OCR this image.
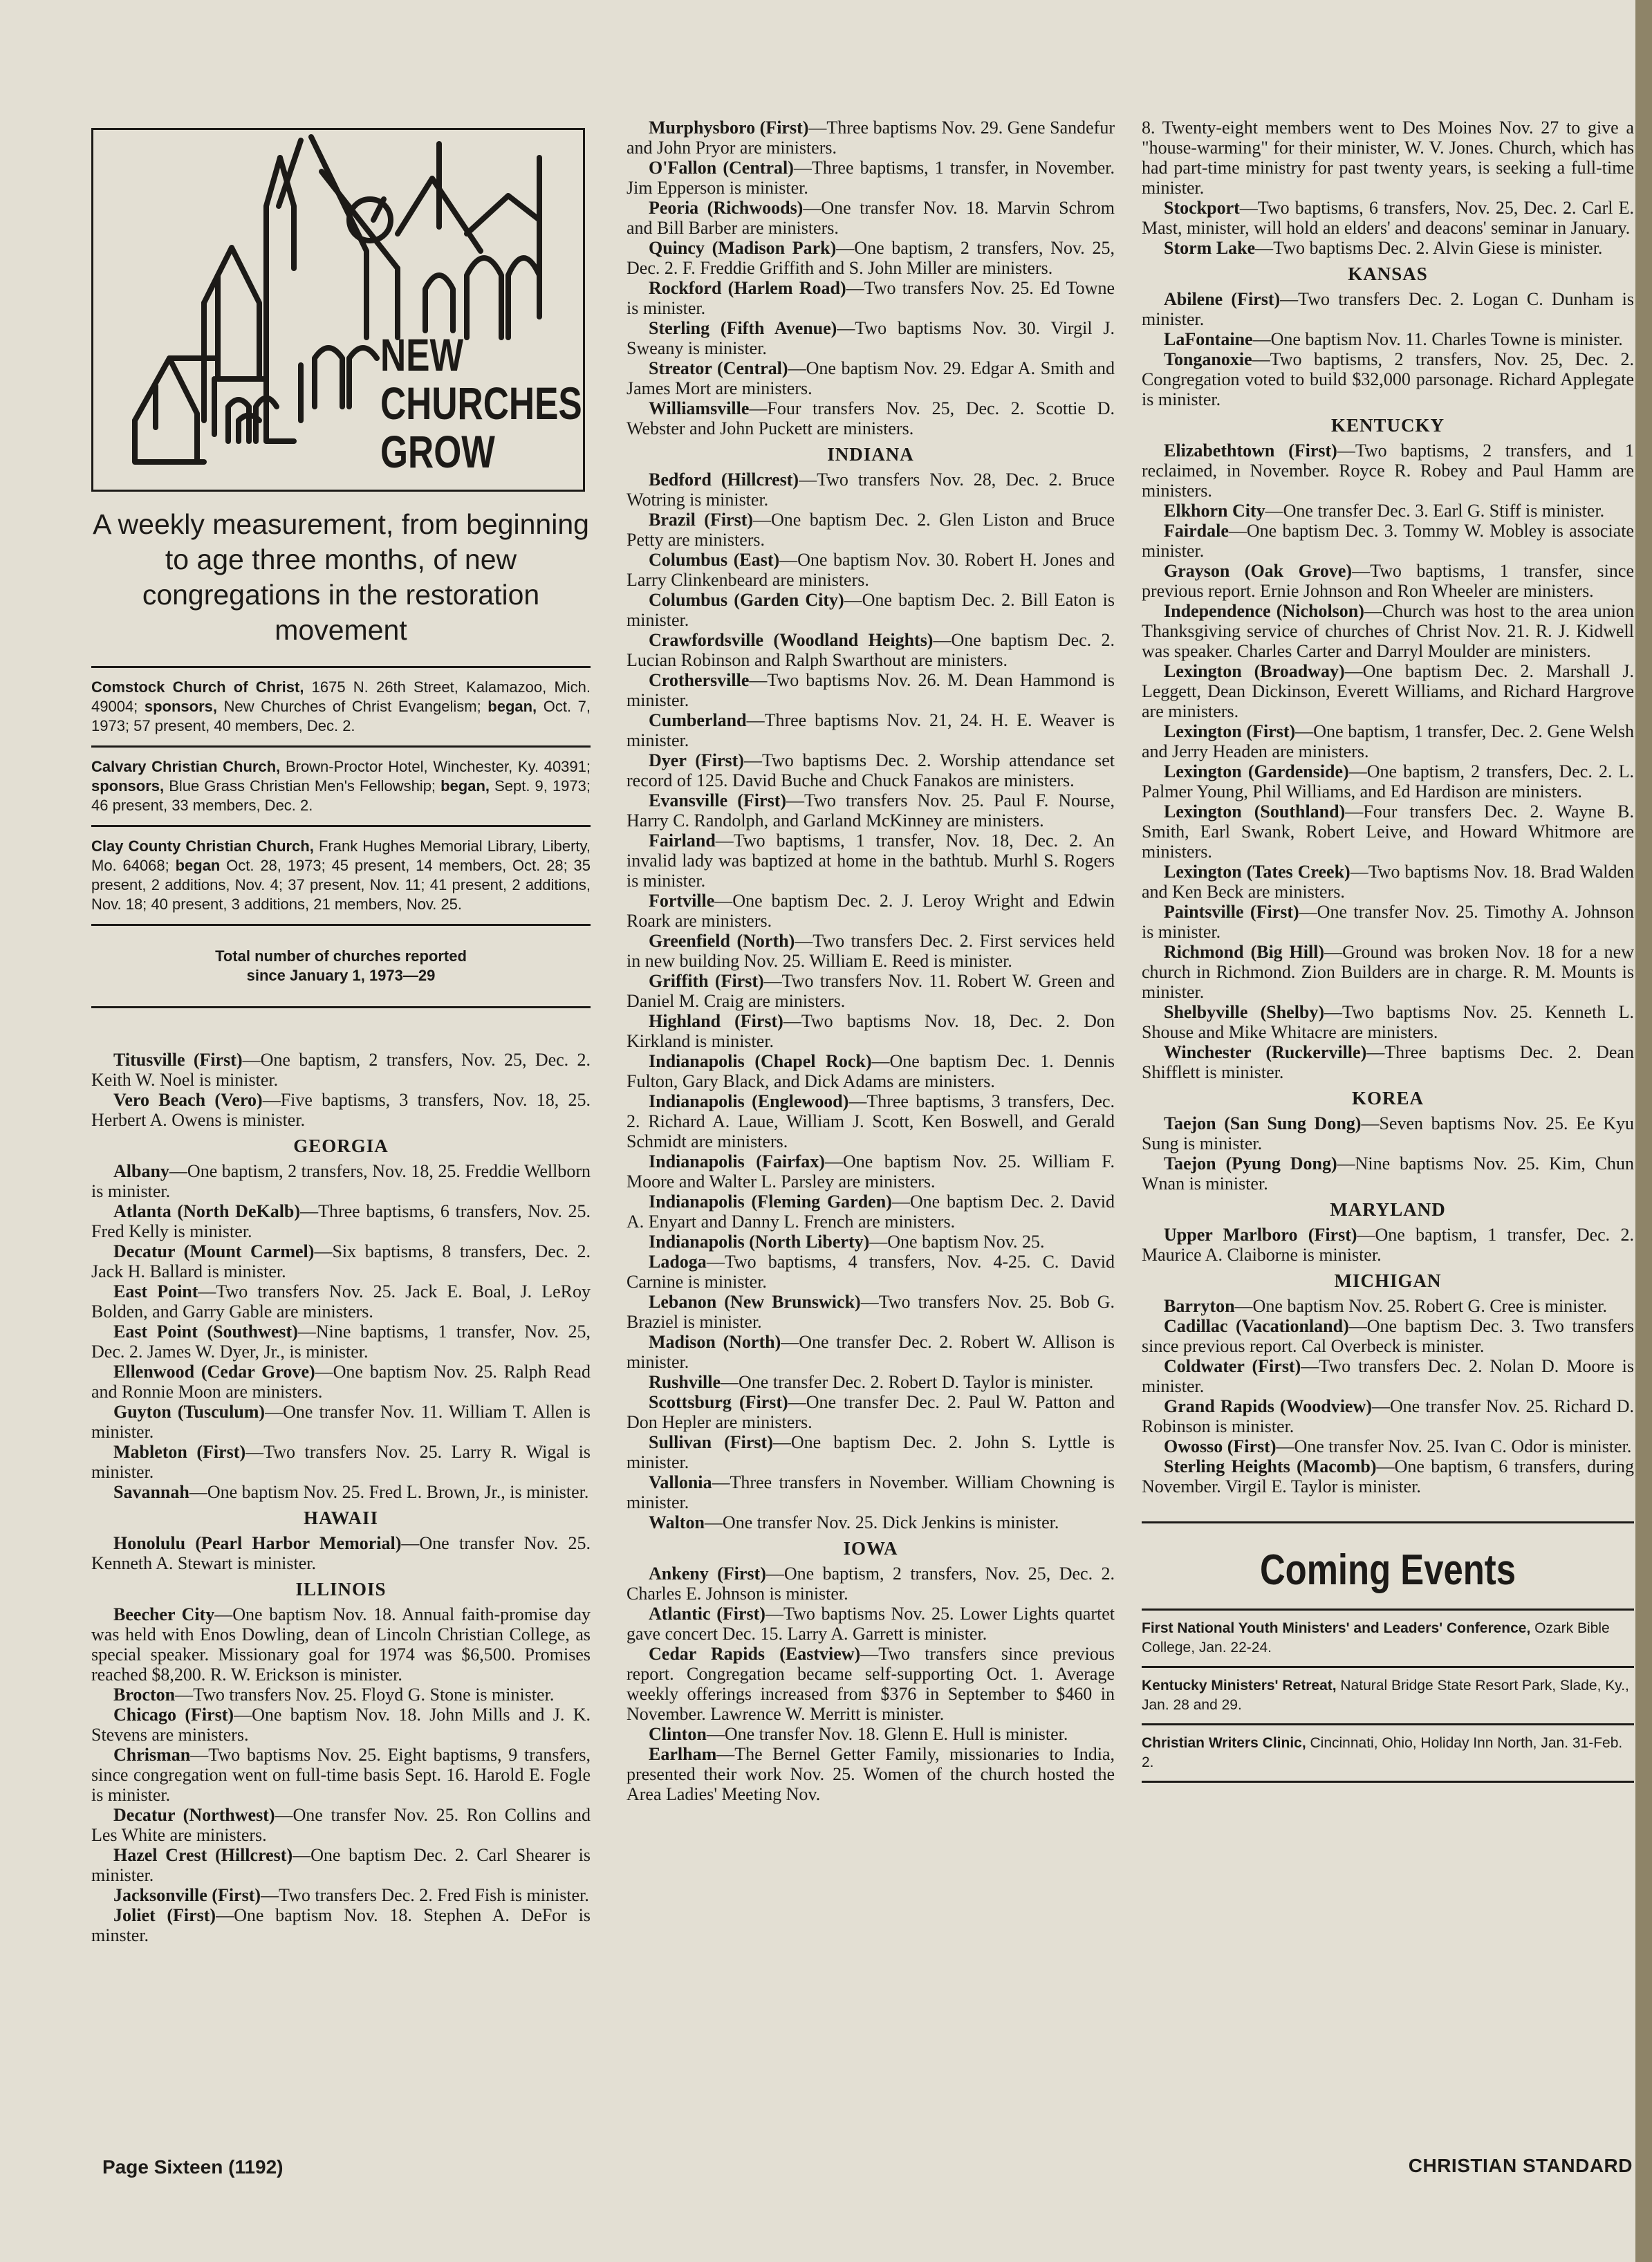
NEW
CHURCHES
GROW
A weekly measurement, from beginning to age three months, of new congregations in the restoration movement
Comstock Church of Christ, 1675 N. 26th Street, Kalamazoo, Mich. 49004; sponsors, New Churches of Christ Evangelism; began, Oct. 7, 1973; 57 present, 40 members, Dec. 2.
Calvary Christian Church, Brown-Proctor Hotel, Winchester, Ky. 40391; sponsors, Blue Grass Christian Men's Fellowship; began, Sept. 9, 1973; 46 present, 33 members, Dec. 2.
Clay County Christian Church, Frank Hughes Memorial Library, Liberty, Mo. 64068; began Oct. 28, 1973; 45 present, 14 members, Oct. 28; 35 present, 2 additions, Nov. 4; 37 present, Nov. 11; 41 present, 2 additions, Nov. 18; 40 present, 3 additions, 21 members, Nov. 25.
Total number of churches reported
since January 1, 1973—29

Titusville (First)—One baptism, 2 transfers, Nov. 25, Dec. 2. Keith W. Noel is minister.

Vero Beach (Vero)—Five baptisms, 3 transfers, Nov. 18, 25. Herbert A. Owens is minister.

GEORGIA

Albany—One baptism, 2 transfers, Nov. 18, 25. Freddie Wellborn is minister.

Atlanta (North DeKalb)—Three baptisms, 6 transfers, Nov. 25. Fred Kelly is minister.

Decatur (Mount Carmel)—Six baptisms, 8 transfers, Dec. 2. Jack H. Ballard is minister.

East Point—Two transfers Nov. 25. Jack E. Boal, J. LeRoy Bolden, and Garry Gable are ministers.

East Point (Southwest)—Nine baptisms, 1 transfer, Nov. 25, Dec. 2. James W. Dyer, Jr., is minister.

Ellenwood (Cedar Grove)—One baptism Nov. 25. Ralph Read and Ronnie Moon are ministers.

Guyton (Tusculum)—One transfer Nov. 11. William T. Allen is minister.

Mableton (First)—Two transfers Nov. 25. Larry R. Wigal is minister.

Savannah—One baptism Nov. 25. Fred L. Brown, Jr., is minister.

HAWAII

Honolulu (Pearl Harbor Memorial)—One transfer Nov. 25. Kenneth A. Stewart is minister.

ILLINOIS

Beecher City—One baptism Nov. 18. Annual faith-promise day was held with Enos Dowling, dean of Lincoln Christian College, as special speaker. Missionary goal for 1974 was $6,500. Promises reached $8,200. R. W. Erickson is minister.

Brocton—Two transfers Nov. 25. Floyd G. Stone is minister.

Chicago (First)—One baptism Nov. 18. John Mills and J. K. Stevens are ministers.

Chrisman—Two baptisms Nov. 25. Eight baptisms, 9 transfers, since congregation went on full-time basis Sept. 16. Harold E. Fogle is minister.

Decatur (Northwest)—One transfer Nov. 25. Ron Collins and Les White are ministers.

Hazel Crest (Hillcrest)—One baptism Dec. 2. Carl Shearer is minister.

Jacksonville (First)—Two transfers Dec. 2. Fred Fish is minister.

Joliet (First)—One baptism Nov. 18. Stephen A. DeFor is minster.

Murphysboro (First)—Three baptisms Nov. 29. Gene Sandefur and John Pryor are ministers.

O'Fallon (Central)—Three baptisms, 1 transfer, in November. Jim Epperson is minister.

Peoria (Richwoods)—One transfer Nov. 18. Marvin Schrom and Bill Barber are ministers.

Quincy (Madison Park)—One baptism, 2 transfers, Nov. 25, Dec. 2. F. Freddie Griffith and S. John Miller are ministers.

Rockford (Harlem Road)—Two transfers Nov. 25. Ed Towne is minister.

Sterling (Fifth Avenue)—Two baptisms Nov. 30. Virgil J. Sweany is minister.

Streator (Central)—One baptism Nov. 29. Edgar A. Smith and James Mort are ministers.

Williamsville—Four transfers Nov. 25, Dec. 2. Scottie D. Webster and John Puckett are ministers.

INDIANA

Bedford (Hillcrest)—Two transfers Nov. 28, Dec. 2. Bruce Wotring is minister.

Brazil (First)—One baptism Dec. 2. Glen Liston and Bruce Petty are ministers.

Columbus (East)—One baptism Nov. 30. Robert H. Jones and Larry Clinkenbeard are ministers.

Columbus (Garden City)—One baptism Dec. 2. Bill Eaton is minister.

Crawfordsville (Woodland Heights)—One baptism Dec. 2. Lucian Robinson and Ralph Swarthout are ministers.

Crothersville—Two baptisms Nov. 26. M. Dean Hammond is minister.

Cumberland—Three baptisms Nov. 21, 24. H. E. Weaver is minister.

Dyer (First)—Two baptisms Dec. 2. Worship attendance set record of 125. David Buche and Chuck Fanakos are ministers.

Evansville (First)—Two transfers Nov. 25. Paul F. Nourse, Harry C. Randolph, and Garland McKinney are ministers.

Fairland—Two baptisms, 1 transfer, Nov. 18, Dec. 2. An invalid lady was baptized at home in the bathtub. Murhl S. Rogers is minister.

Fortville—One baptism Dec. 2. J. Leroy Wright and Edwin Roark are ministers.

Greenfield (North)—Two transfers Dec. 2. First services held in new building Nov. 25. William E. Reed is minister.

Griffith (First)—Two transfers Nov. 11. Robert W. Green and Daniel M. Craig are ministers.

Highland (First)—Two baptisms Nov. 18, Dec. 2. Don Kirkland is minister.

Indianapolis (Chapel Rock)—One baptism Dec. 1. Dennis Fulton, Gary Black, and Dick Adams are ministers.

Indianapolis (Englewood)—Three baptisms, 3 transfers, Dec. 2. Richard A. Laue, William J. Scott, Ken Boswell, and Gerald Schmidt are ministers.

Indianapolis (Fairfax)—One baptism Nov. 25. William F. Moore and Walter L. Parsley are ministers.

Indianapolis (Fleming Garden)—One baptism Dec. 2. David A. Enyart and Danny L. French are ministers.

Indianapolis (North Liberty)—One baptism Nov. 25.

Ladoga—Two baptisms, 4 transfers, Nov. 4-25. C. David Carnine is minister.

Lebanon (New Brunswick)—Two transfers Nov. 25. Bob G. Braziel is minister.

Madison (North)—One transfer Dec. 2. Robert W. Allison is minister.

Rushville—One transfer Dec. 2. Robert D. Taylor is minister.

Scottsburg (First)—One transfer Dec. 2. Paul W. Patton and Don Hepler are ministers.

Sullivan (First)—One baptism Dec. 2. John S. Lyttle is minister.

Vallonia—Three transfers in November. William Chowning is minister.

Walton—One transfer Nov. 25. Dick Jenkins is minister.

IOWA

Ankeny (First)—One baptism, 2 transfers, Nov. 25, Dec. 2. Charles E. Johnson is minister.

Atlantic (First)—Two baptisms Nov. 25. Lower Lights quartet gave concert Dec. 15. Larry A. Garrett is minister.

Cedar Rapids (Eastview)—Two transfers since previous report. Congregation became self-supporting Oct. 1. Average weekly offerings increased from $376 in September to $460 in November. Lawrence W. Merritt is minister.

Clinton—One transfer Nov. 18. Glenn E. Hull is minister.

Earlham—The Bernel Getter Family, missionaries to India, presented their work Nov. 25. Women of the church hosted the Area Ladies' Meeting Nov.

8. Twenty-eight members went to Des Moines Nov. 27 to give a "house-warming" for their minister, W. V. Jones. Church, which has had part-time ministry for past twenty years, is seeking a full-time minister.

Stockport—Two baptisms, 6 transfers, Nov. 25, Dec. 2. Carl E. Mast, minister, will hold an elders' and deacons' seminar in January.

Storm Lake—Two baptisms Dec. 2. Alvin Giese is minister.

KANSAS

Abilene (First)—Two transfers Dec. 2. Logan C. Dunham is minister.

LaFontaine—One baptism Nov. 11. Charles Towne is minister.

Tonganoxie—Two baptisms, 2 transfers, Nov. 25, Dec. 2. Congregation voted to build $32,000 parsonage. Richard Applegate is minister.

KENTUCKY

Elizabethtown (First)—Two baptisms, 2 transfers, and 1 reclaimed, in November. Royce R. Robey and Paul Hamm are ministers.

Elkhorn City—One transfer Dec. 3. Earl G. Stiff is minister.

Fairdale—One baptism Dec. 3. Tommy W. Mobley is associate minister.

Grayson (Oak Grove)—Two baptisms, 1 transfer, since previous report. Ernie Johnson and Ron Wheeler are ministers.

Independence (Nicholson)—Church was host to the area union Thanksgiving service of churches of Christ Nov. 21. R. J. Kidwell was speaker. Charles Carter and Darryl Moulder are ministers.

Lexington (Broadway)—One baptism Dec. 2. Marshall J. Leggett, Dean Dickinson, Everett Williams, and Richard Hargrove are ministers.

Lexington (First)—One baptism, 1 transfer, Dec. 2. Gene Welsh and Jerry Headen are ministers.

Lexington (Gardenside)—One baptism, 2 transfers, Dec. 2. L. Palmer Young, Phil Williams, and Ed Hardison are ministers.

Lexington (Southland)—Four transfers Dec. 2. Wayne B. Smith, Earl Swank, Robert Leive, and Howard Whitmore are ministers.

Lexington (Tates Creek)—Two baptisms Nov. 18. Brad Walden and Ken Beck are ministers.

Paintsville (First)—One transfer Nov. 25. Timothy A. Johnson is minister.

Richmond (Big Hill)—Ground was broken Nov. 18 for a new church in Richmond. Zion Builders are in charge. R. M. Mounts is minister.

Shelbyville (Shelby)—Two baptisms Nov. 25. Kenneth L. Shouse and Mike Whitacre are ministers.

Winchester (Ruckerville)—Three baptisms Dec. 2. Dean Shifflett is minister.

KOREA

Taejon (San Sung Dong)—Seven baptisms Nov. 25. Ee Kyu Sung is minister.

Taejon (Pyung Dong)—Nine baptisms Nov. 25. Kim, Chun Wnan is minister.

MARYLAND

Upper Marlboro (First)—One baptism, 1 transfer, Dec. 2. Maurice A. Claiborne is minister.

MICHIGAN

Barryton—One baptism Nov. 25. Robert G. Cree is minister.

Cadillac (Vacationland)—One baptism Dec. 3. Two transfers since previous report. Cal Overbeck is minister.

Coldwater (First)—Two transfers Dec. 2. Nolan D. Moore is minister.

Grand Rapids (Woodview)—One transfer Nov. 25. Richard D. Robinson is minister.

Owosso (First)—One transfer Nov. 25. Ivan C. Odor is minister.

Sterling Heights (Macomb)—One baptism, 6 transfers, during November. Virgil E. Taylor is minister.

Coming Events
First National Youth Ministers' and Leaders' Conference, Ozark Bible College, Jan. 22-24.
Kentucky Ministers' Retreat, Natural Bridge State Resort Park, Slade, Ky., Jan. 28 and 29.
Christian Writers Clinic, Cincinnati, Ohio, Holiday Inn North, Jan. 31-Feb. 2.
Page Sixteen (1192)	CHRISTIAN STANDARD
